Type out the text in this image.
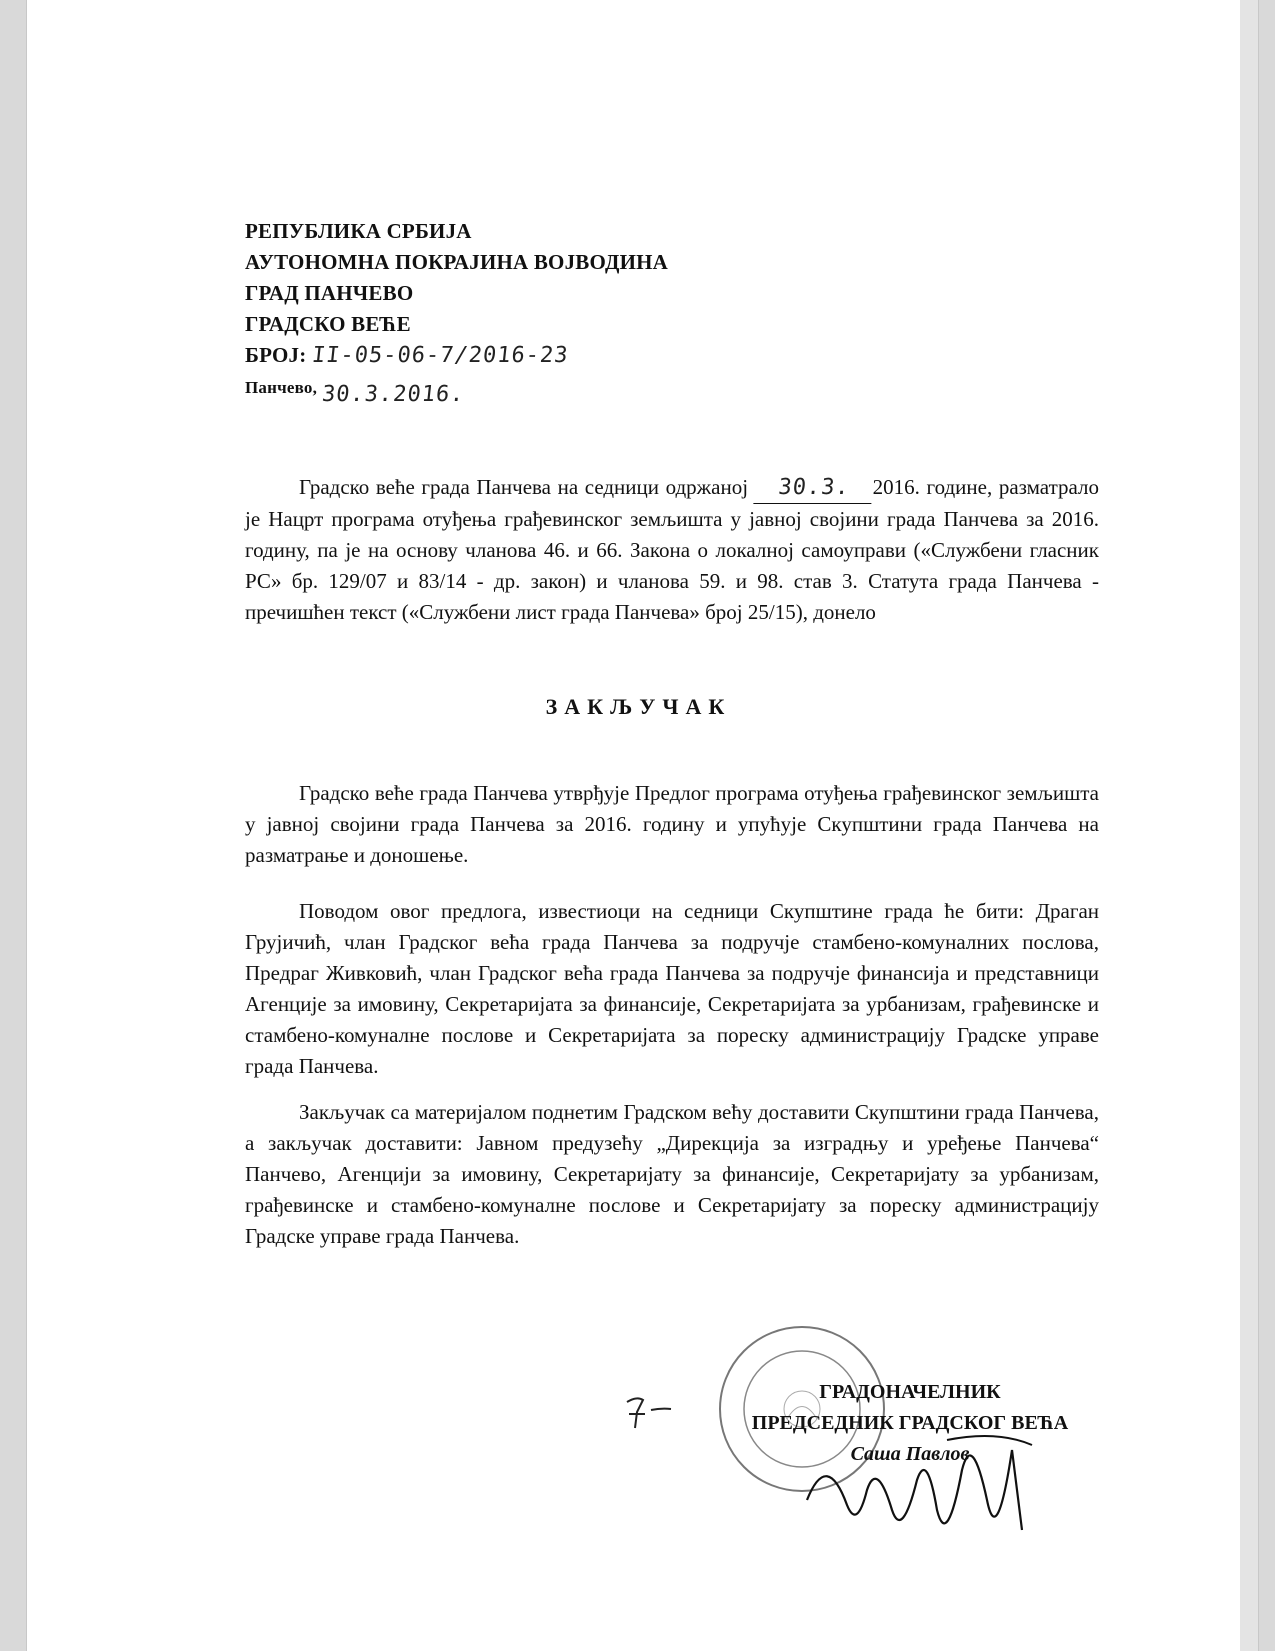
РЕПУБЛИКА СРБИЈА
АУТОНОМНА ПОКРАЈИНА ВОЈВОДИНА
ГРАД ПАНЧЕВО
ГРАДСКО ВЕЋЕ
БРОЈ: II-05-06-7/2016-23
Панчево, 30.3.2016.

Градско веће града Панчева на седници одржаној 30.3. 2016. године, разматрало је Нацрт програма отуђења грађевинског земљишта у јавној својини града Панчева за 2016. годину, па је на основу чланова 46. и 66. Закона о локалној самоуправи («Службени гласник РС» бр. 129/07 и 83/14 - др. закон) и чланова 59. и 98. став 3. Статута града Панчева - пречишћен текст («Службени лист града Панчева» број 25/15), донело

ЗАКЉУЧАК

Градско веће града Панчева утврђује Предлог програма отуђења грађевинског земљишта у јавној својини града Панчева за 2016. годину и упућује Скупштини града Панчева на разматрање и доношење.

Поводом овог предлога, известиоци на седници Скупштине града ће бити: Драган Грујичић, члан Градског већа града Панчева за подручје стамбено-комуналних послова, Предраг Живковић, члан Градског већа града Панчева за подручје финансија и представници Агенције за имовину, Секретаријата за финансије, Секретаријата за урбанизам, грађевинске и стамбено-комуналне послове и Секретаријата за пореску администрацију Градске управе града Панчева.

Закључак са материјалом поднетим Градском већу доставити Скупштини града Панчева, а закључак доставити: Јавном предузећу „Дирекција за изградњу и уређење Панчева“ Панчево, Агенцији за имовину, Секретаријату за финансије, Секретаријату за урбанизам, грађевинске и стамбено-комуналне послове и Секретаријату за пореску администрацију Градске управе града Панчева.

ГРАДОНАЧЕЛНИК
ПРЕДСЕДНИК ГРАДСКОГ ВЕЋА
Саша Павлов
